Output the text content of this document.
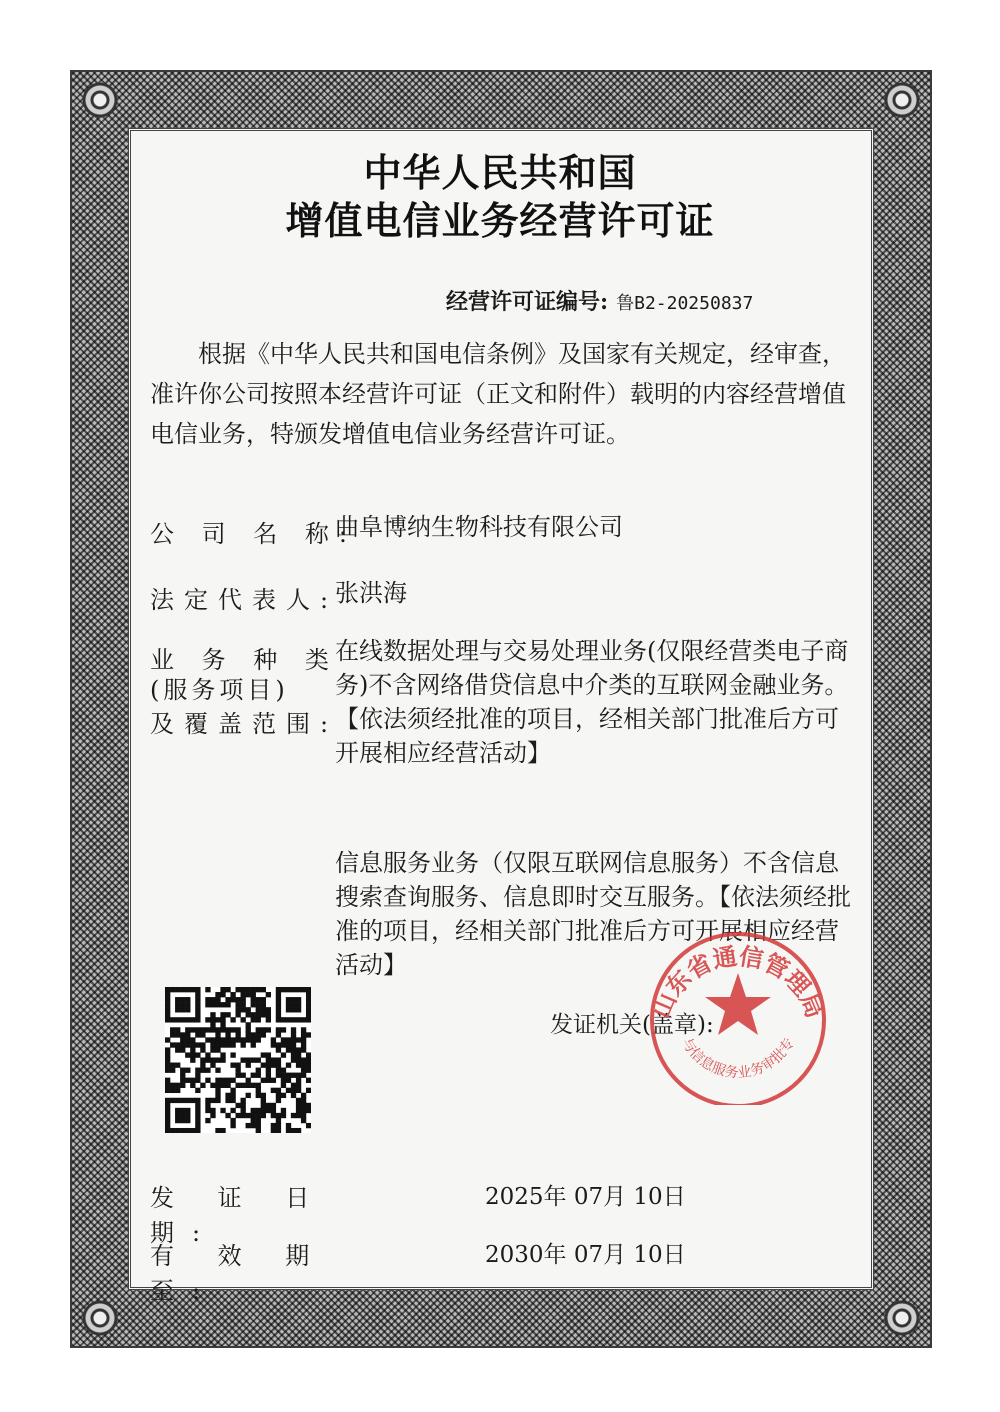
中华人民共和国
增值电信业务经营许可证
经营许可证编号: 鲁B2-20250837
根据《中华人民共和国电信条例》及国家有关规定，经审查，准许你公司按照本经营许可证（正文和附件）载明的内容经营增值电信业务，特颁发增值电信业务经营许可证。
公 司 名 称:
曲阜博纳生物科技有限公司
法定代表人:
张洪海
业 务 种 类
(服务项目)
及覆盖范围:
在线数据处理与交易处理业务(仅限经营类电子商务)不含网络借贷信息中介类的互联网金融业务。【依法须经批准的项目，经相关部门批准后方可开展相应经营活动】
信息服务业务（仅限互联网信息服务）不含信息搜索查询服务、信息即时交互服务。【依法须经批准的项目，经相关部门批准后方可开展相应经营活动】
发证机关(盖章):
山东省通信管理局
与信息服务业务审批专
发 证 日 期:
2025年 07月 10日
有 效 期 至:
2030年 07月 10日
